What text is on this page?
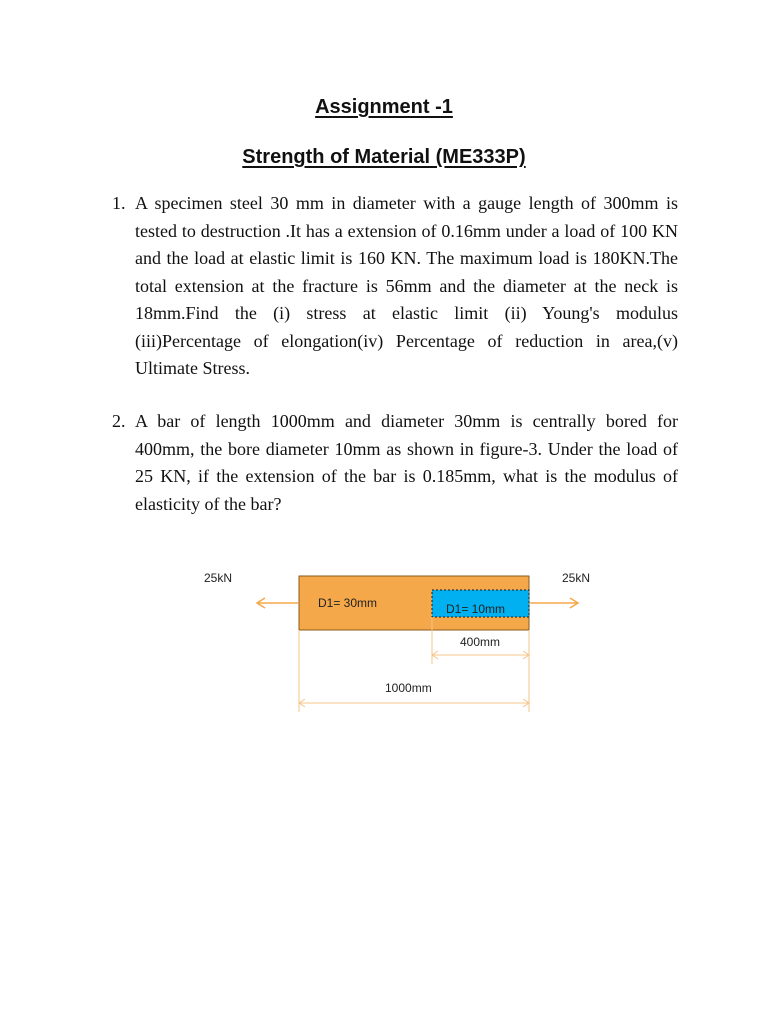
Assignment -1
Strength of Material (ME333P)
1. A specimen steel 30 mm in diameter with a gauge length of 300mm is tested to destruction .It has a extension of 0.16mm under a load of 100 KN and the load at elastic limit is 160 KN. The maximum load is 180KN.The total extension at the fracture is 56mm and the diameter at the neck is 18mm.Find the (i) stress at elastic limit (ii) Young's modulus (iii)Percentage of elongation(iv) Percentage of reduction in area,(v) Ultimate Stress.
2. A bar of length 1000mm and diameter 30mm is centrally bored for 400mm, the bore diameter 10mm as shown in figure-3. Under the load of 25 KN, if the extension of the bar is 0.185mm, what is the modulus of elasticity of the bar?
25kN	25kN
D1= 30mm	D1= 10mm
400mm
1000mm
